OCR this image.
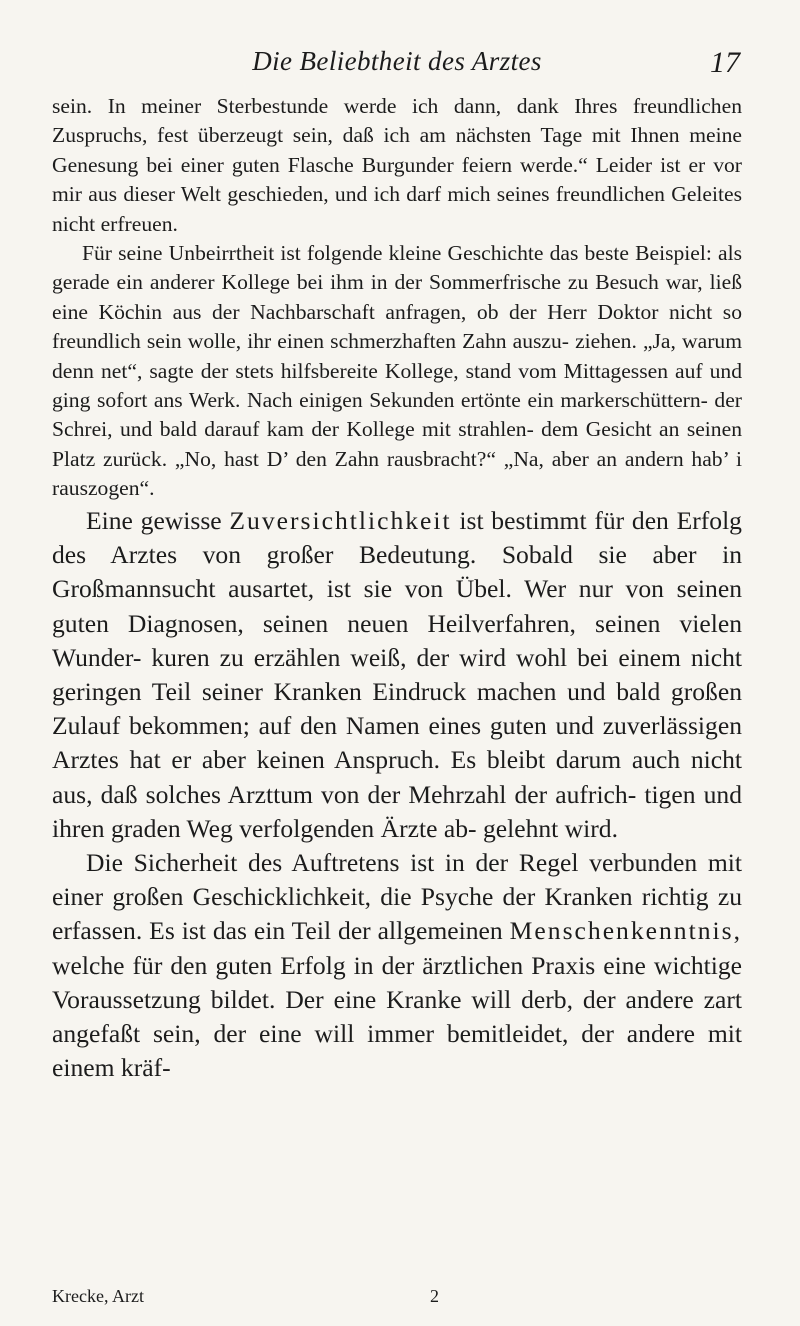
Die Beliebtheit des Arztes	17

sein. In meiner Sterbestunde werde ich dann, dank Ihres freundlichen Zuspruchs, fest überzeugt sein, daß ich am nächsten Tage mit Ihnen meine Genesung bei einer guten Flasche Burgunder feiern werde.“ Leider ist er vor mir aus dieser Welt geschieden, und ich darf mich seines freundlichen Geleites nicht erfreuen.

Für seine Unbeirrtheit ist folgende kleine Geschichte das beste Beispiel: als gerade ein anderer Kollege bei ihm in der Sommerfrische zu Besuch war, ließ eine Köchin aus der Nachbarschaft anfragen, ob der Herr Doktor nicht so freundlich sein wolle, ihr einen schmerzhaften Zahn auszu- ziehen. „Ja, warum denn net“, sagte der stets hilfsbereite Kollege, stand vom Mittagessen auf und ging sofort ans Werk. Nach einigen Sekunden ertönte ein markerschüttern- der Schrei, und bald darauf kam der Kollege mit strahlen- dem Gesicht an seinen Platz zurück. „No, hast D’ den Zahn rausbracht?“ „Na, aber an andern hab’ i rauszogen“.

Eine gewisse Zuversichtlichkeit ist bestimmt für den Erfolg des Arztes von großer Bedeutung. Sobald sie aber in Großmannsucht ausartet, ist sie von Übel. Wer nur von seinen guten Diagnosen, seinen neuen Heilverfahren, seinen vielen Wunder- kuren zu erzählen weiß, der wird wohl bei einem nicht geringen Teil seiner Kranken Eindruck machen und bald großen Zulauf bekommen; auf den Namen eines guten und zuverlässigen Arztes hat er aber keinen Anspruch. Es bleibt darum auch nicht aus, daß solches Arzttum von der Mehrzahl der aufrich- tigen und ihren graden Weg verfolgenden Ärzte ab- gelehnt wird.

Die Sicherheit des Auftretens ist in der Regel verbunden mit einer großen Geschicklichkeit, die Psyche der Kranken richtig zu erfassen. Es ist das ein Teil der allgemeinen Menschenkenntnis, welche für den guten Erfolg in der ärztlichen Praxis eine wichtige Voraussetzung bildet. Der eine Kranke will derb, der andere zart angefaßt sein, der eine will immer bemitleidet, der andere mit einem kräf-

Krecke, Arzt	2
